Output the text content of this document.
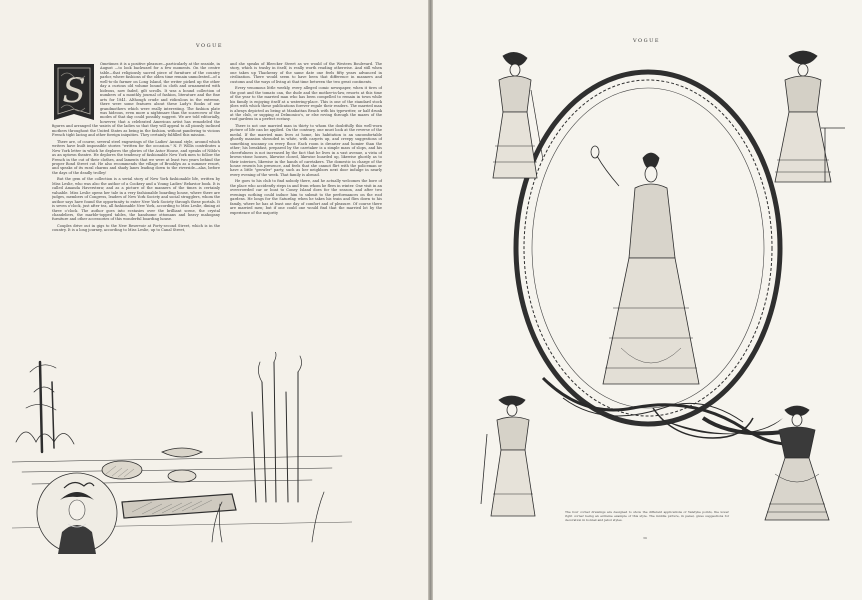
VOGUE
S

Ometimes it is a positive pleasure—particularly at the seaside, in August —to look backward for a few moments. On the centre table—that religiously sacred piece of furniture of the country parlor, where fashions of the olden time remain unmolested—of a well-to-do farmer on Long Island, the writer picked up the other day a curious old volume bound in cloth and ornamented with hideous, now faded, gilt scrolls. It was a bound collection of numbers of a monthly journal of fashion, literature and the fine arts for 1841. Although crude and ridiculous in the extreme, there were some features about these Lady's Books of our grandmothers which were really interesting. The fashion plate was hideous, even more a nightmare than the scarecrow of the modes of that day could possibly suggest. We are told editorially, however, that a celebrated American artist has remodeled the figures and arranged the waists of the ladies so that they will appeal to all piously inclined mothers throughout the United States as being in the fashion, without pandering to vicious French tight lacing and other foreign iniquities. They certainly fulfilled this mission.

There are, of course, several steel engravings of the Ladies' Annual style, around which writers have built impossible stories "written for the occasion." N. P. Willis contributes a New York letter in which he deplores the glories of the Astor House, and speaks of Niblo's as an uptown theatre. He deplores the tendency of fashionable New York men to follow the French in the cut of their clothes, and laments that we were at least two years behind the proper Bond Street cut. He also recommends the village of Brooklyn as a summer resort, and speaks of its rural charms and shady lanes leading down to the riverside—alas, before the days of the deadly trolley!

But the gem of the collection is a serial story of New York fashionable life, written by Miss Leslie, who was also the author of a Cookery and a Young Ladies' Behavior book. It is called Amanda Haverstraw, and as a picture of the manners of the times is certainly valuable. Miss Leslie opens her tale in a very fashionable boarding house, where there are judges, members of Congress, leaders of New York Society and social strugglers, whom the author says have found the opportunity to enter New York Society through these portals. It is seven o'clock, just after tea, all fashionable New York, according to Miss Leslie, dining at three o'clock. The author goes into ecstasies over the brilliant scene, the crystal chandeliers, the marble-topped tables, the handsome ottomans and heavy mahogany furniture and other accessories of this wonderful boarding house.

Couples drive out in gigs to the New Reservoir at Forty-second Street, which is in the country. It is a long journey, according to Miss Leslie, up to Canal Street,

and she speaks of Bleecker Street as we would of the Western Boulevard. The story, which is trashy in itself, is really worth reading otherwise. And still when one takes up Thackeray of the same date one feels fifty years advanced in civilization. There would seem to have been that difference in manners and customs and the ways of living at that time between the two great continents.

Every venomous little weekly, every alleged comic newspaper, when it tires of the gout and the tomato can, the dude and the mother-in-law, resorts at this time of the year to the married man who has been compelled to remain in town while his family is enjoying itself at a watering-place. This is one of the standard stock jibes with which these publications forever regale their readers. The married man is always depicted as being at Manhattan Beach with his typewriter, or half drunk at the club, or supping at Delmonico's, or else roving through the mazes of the roof gardens in a perfect ecstasy.

There is not one married man in thirty to whom the doubtfully this well-worn picture of life can be applied. On the contrary, one must look at the reverse of the medal. If the married man lives at home, his habitation is an uncomfortable ghostly mansion shrouded in white, with carpets up, and creepy suggestions of something uncanny on every floor. Each room is drearier and homier than the other; his breakfast, prepared by the caretaker is a simple mass of slops, and his cheerfulness is not increased by the fact that he lives in a vast avenue, a vista of brown-stone houses, likewise closed, likewise boarded up, likewise ghostly as to their interiors, likewise in the hands of caretakers. The domestic in charge of the house resents his presence, and feels that she cannot flirt with the policeman or have a little "growler" party, such as her neighbors next door indulge in nearly every evening of the week. That family is abroad.

He goes to his club to find nobody there, and he actually welcomes the bore of the place who accidently steps in and from whom he flees in winter. One visit in an overcrowded car or boat to Coney Island does for the season, and after two evenings nothing could induce him to submit to the performances on the roof gardens. He longs for the Saturday, when he takes his train and flies down to his family, where he has at least one day of comfort and of pleasure. Of course there are married men; but if one could one would find that the married lot by the experience of the majority

VOGUE
The four corner drawings are designed to show the different applications of Vandyke points, the lower right corner being an extreme example of this style. The middle picture, in panel, gives suggestions for decoration in bonnet and jabot styles.
39
